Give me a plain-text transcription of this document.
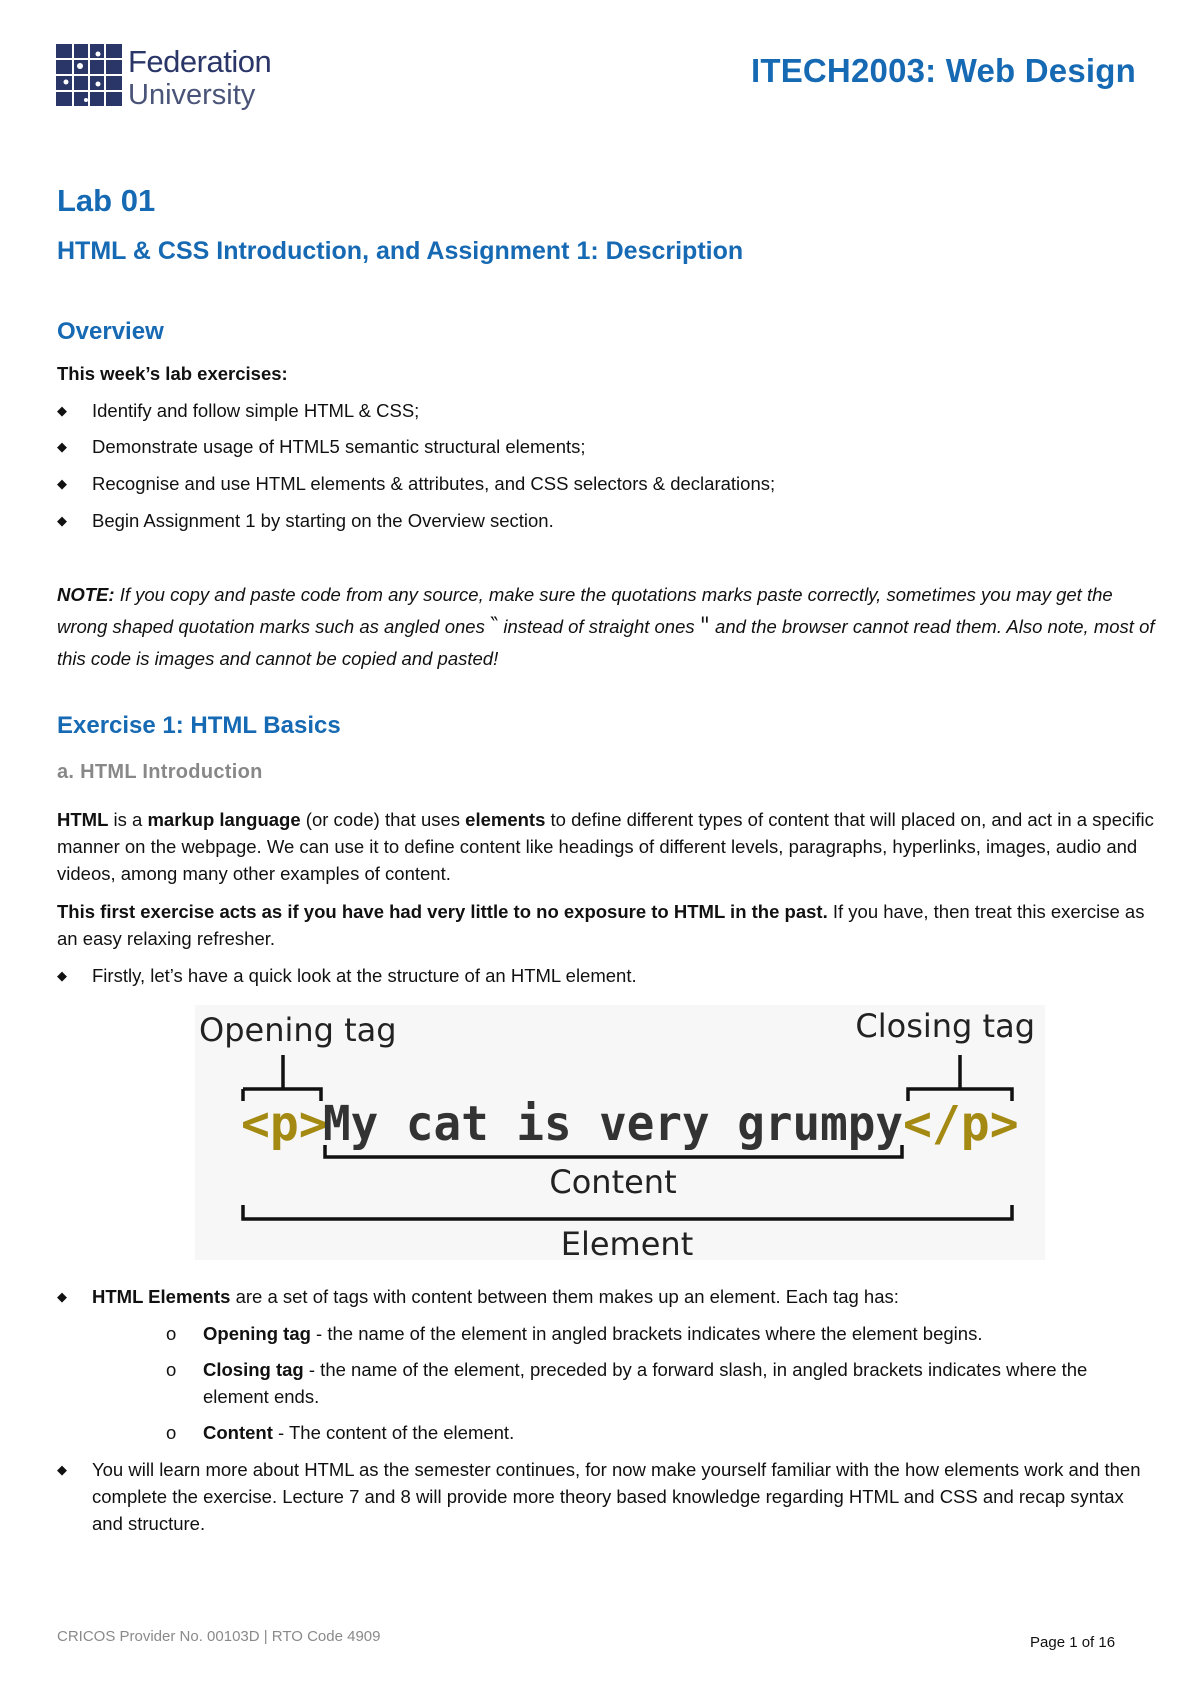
Federation
University
ITECH2003: Web Design
Lab 01
HTML & CSS Introduction, and Assignment 1: Description
Overview
This week’s lab exercises:
◆ Identify and follow simple HTML & CSS;
◆ Demonstrate usage of HTML5 semantic structural elements;
◆ Recognise and use HTML elements & attributes, and CSS selectors & declarations;
◆ Begin Assignment 1 by starting on the Overview section.
NOTE: If you copy and paste code from any source, make sure the quotations marks paste correctly, sometimes you may get the wrong shaped quotation marks such as angled ones ‶ instead of straight ones " and the browser cannot read them. Also note, most of this code is images and cannot be copied and pasted!
Exercise 1: HTML Basics
a. HTML Introduction
HTML is a markup language (or code) that uses elements to define different types of content that will placed on, and act in a specific manner on the webpage. We can use it to define content like headings of different levels, paragraphs, hyperlinks, images, audio and videos, among many other examples of content.
This first exercise acts as if you have had very little to no exposure to HTML in the past. If you have, then treat this exercise as an easy relaxing refresher.
◆ Firstly, let’s have a quick look at the structure of an HTML element.
Opening tag	Closing tag
<p>
My cat is very grumpy </p>
Content
Element
◆ HTML Elements are a set of tags with content between them makes up an element. Each tag has:
o Opening tag - the name of the element in angled brackets indicates where the element begins.
o Closing tag - the name of the element, preceded by a forward slash, in angled brackets indicates where the element ends.
o Content - The content of the element.
◆ You will learn more about HTML as the semester continues, for now make yourself familiar with the how elements work and then complete the exercise. Lecture 7 and 8 will provide more theory based knowledge regarding HTML and CSS and recap syntax and structure.
CRICOS Provider No. 00103D | RTO Code 4909	Page 1 of 16
